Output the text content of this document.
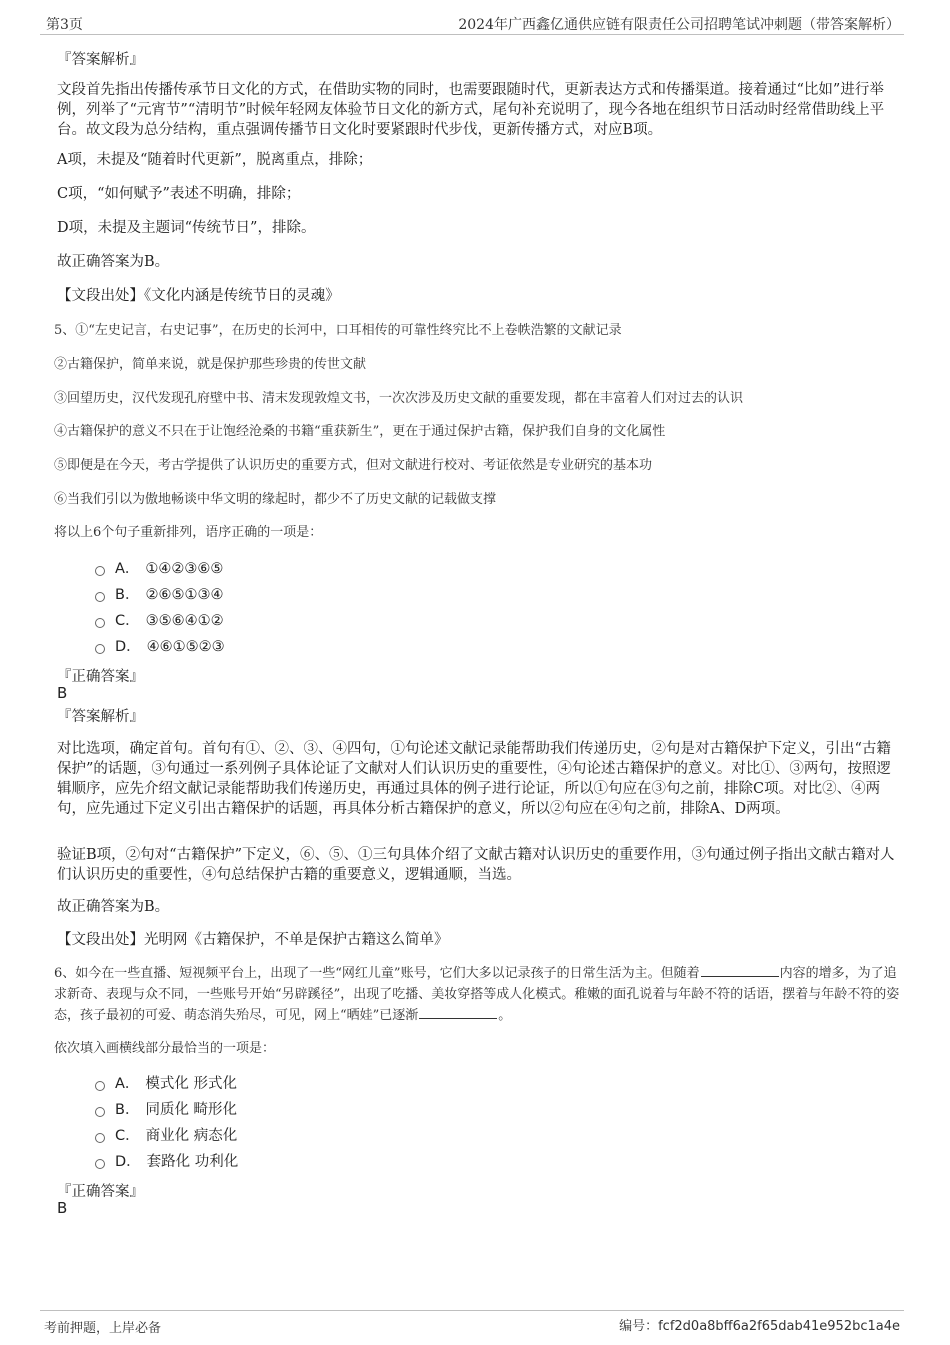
第3页	2024年广西鑫亿通供应链有限责任公司招聘笔试冲刺题（带答案解析）
『答案解析』
文段首先指出传播传承节日文化的方式，在借助实物的同时，也需要跟随时代，更新表达方式和传播渠道。接着通过“比如”进行举例，列举了“元宵节”“清明节”时候年轻网友体验节日文化的新方式，尾句补充说明了，现今各地在组织节日活动时经常借助线上平台。故文段为总分结构，重点强调传播节日文化时要紧跟时代步伐，更新传播方式，对应B项。
A项，未提及“随着时代更新”，脱离重点，排除；
C项，“如何赋予”表述不明确，排除；
D项，未提及主题词“传统节日”，排除。
故正确答案为B。
【文段出处】《文化内涵是传统节日的灵魂》
5、①“左史记言，右史记事”，在历史的长河中，口耳相传的可靠性终究比不上卷帙浩繁的文献记录
②古籍保护，简单来说，就是保护那些珍贵的传世文献
③回望历史，汉代发现孔府壁中书、清末发现敦煌文书，一次次涉及历史文献的重要发现，都在丰富着人们对过去的认识
④古籍保护的意义不只在于让饱经沧桑的书籍“重获新生”，更在于通过保护古籍，保护我们自身的文化属性
⑤即便是在今天，考古学提供了认识历史的重要方式，但对文献进行校对、考证依然是专业研究的基本功
⑥当我们引以为傲地畅谈中华文明的缘起时，都少不了历史文献的记载做支撑
将以上6个句子重新排列，语序正确的一项是：
A． ①④②③⑥⑤
B． ②⑥⑤①③④
C． ③⑤⑥④①②
D． ④⑥①⑤②③
『正确答案』
B
『答案解析』
对比选项，确定首句。首句有①、②、③、④四句，①句论述文献记录能帮助我们传递历史，②句是对古籍保护下定义，引出“古籍保护”的话题，③句通过一系列例子具体论证了文献对人们认识历史的重要性，④句论述古籍保护的意义。对比①、③两句，按照逻辑顺序，应先介绍文献记录能帮助我们传递历史，再通过具体的例子进行论证，所以①句应在③句之前，排除C项。对比②、④两句，应先通过下定义引出古籍保护的话题，再具体分析古籍保护的意义，所以②句应在④句之前，排除A、D两项。
验证B项，②句对“古籍保护”下定义，⑥、⑤、①三句具体介绍了文献古籍对认识历史的重要作用，③句通过例子指出文献古籍对人们认识历史的重要性，④句总结保护古籍的重要意义，逻辑通顺，当选。
故正确答案为B。
【文段出处】光明网《古籍保护，不单是保护古籍这么简单》
6、如今在一些直播、短视频平台上，出现了一些“网红儿童”账号，它们大多以记录孩子的日常生活为主。但随着	内容的增多，为了追求新奇、表现与众不同，一些账号开始“另辟蹊径”，出现了吃播、美妆穿搭等成人化模式。稚嫩的面孔说着与年龄不符的话语，摆着与年龄不符的姿态，孩子最初的可爱、萌态消失殆尽，可见，网上“晒娃”已逐渐	。
依次填入画横线部分最恰当的一项是：
A． 模式化 形式化
B． 同质化 畸形化
C． 商业化 病态化
D． 套路化 功利化
『正确答案』
B
考前押题，上岸必备	编号：fcf2d0a8bff6a2f65dab41e952bc1a4e
